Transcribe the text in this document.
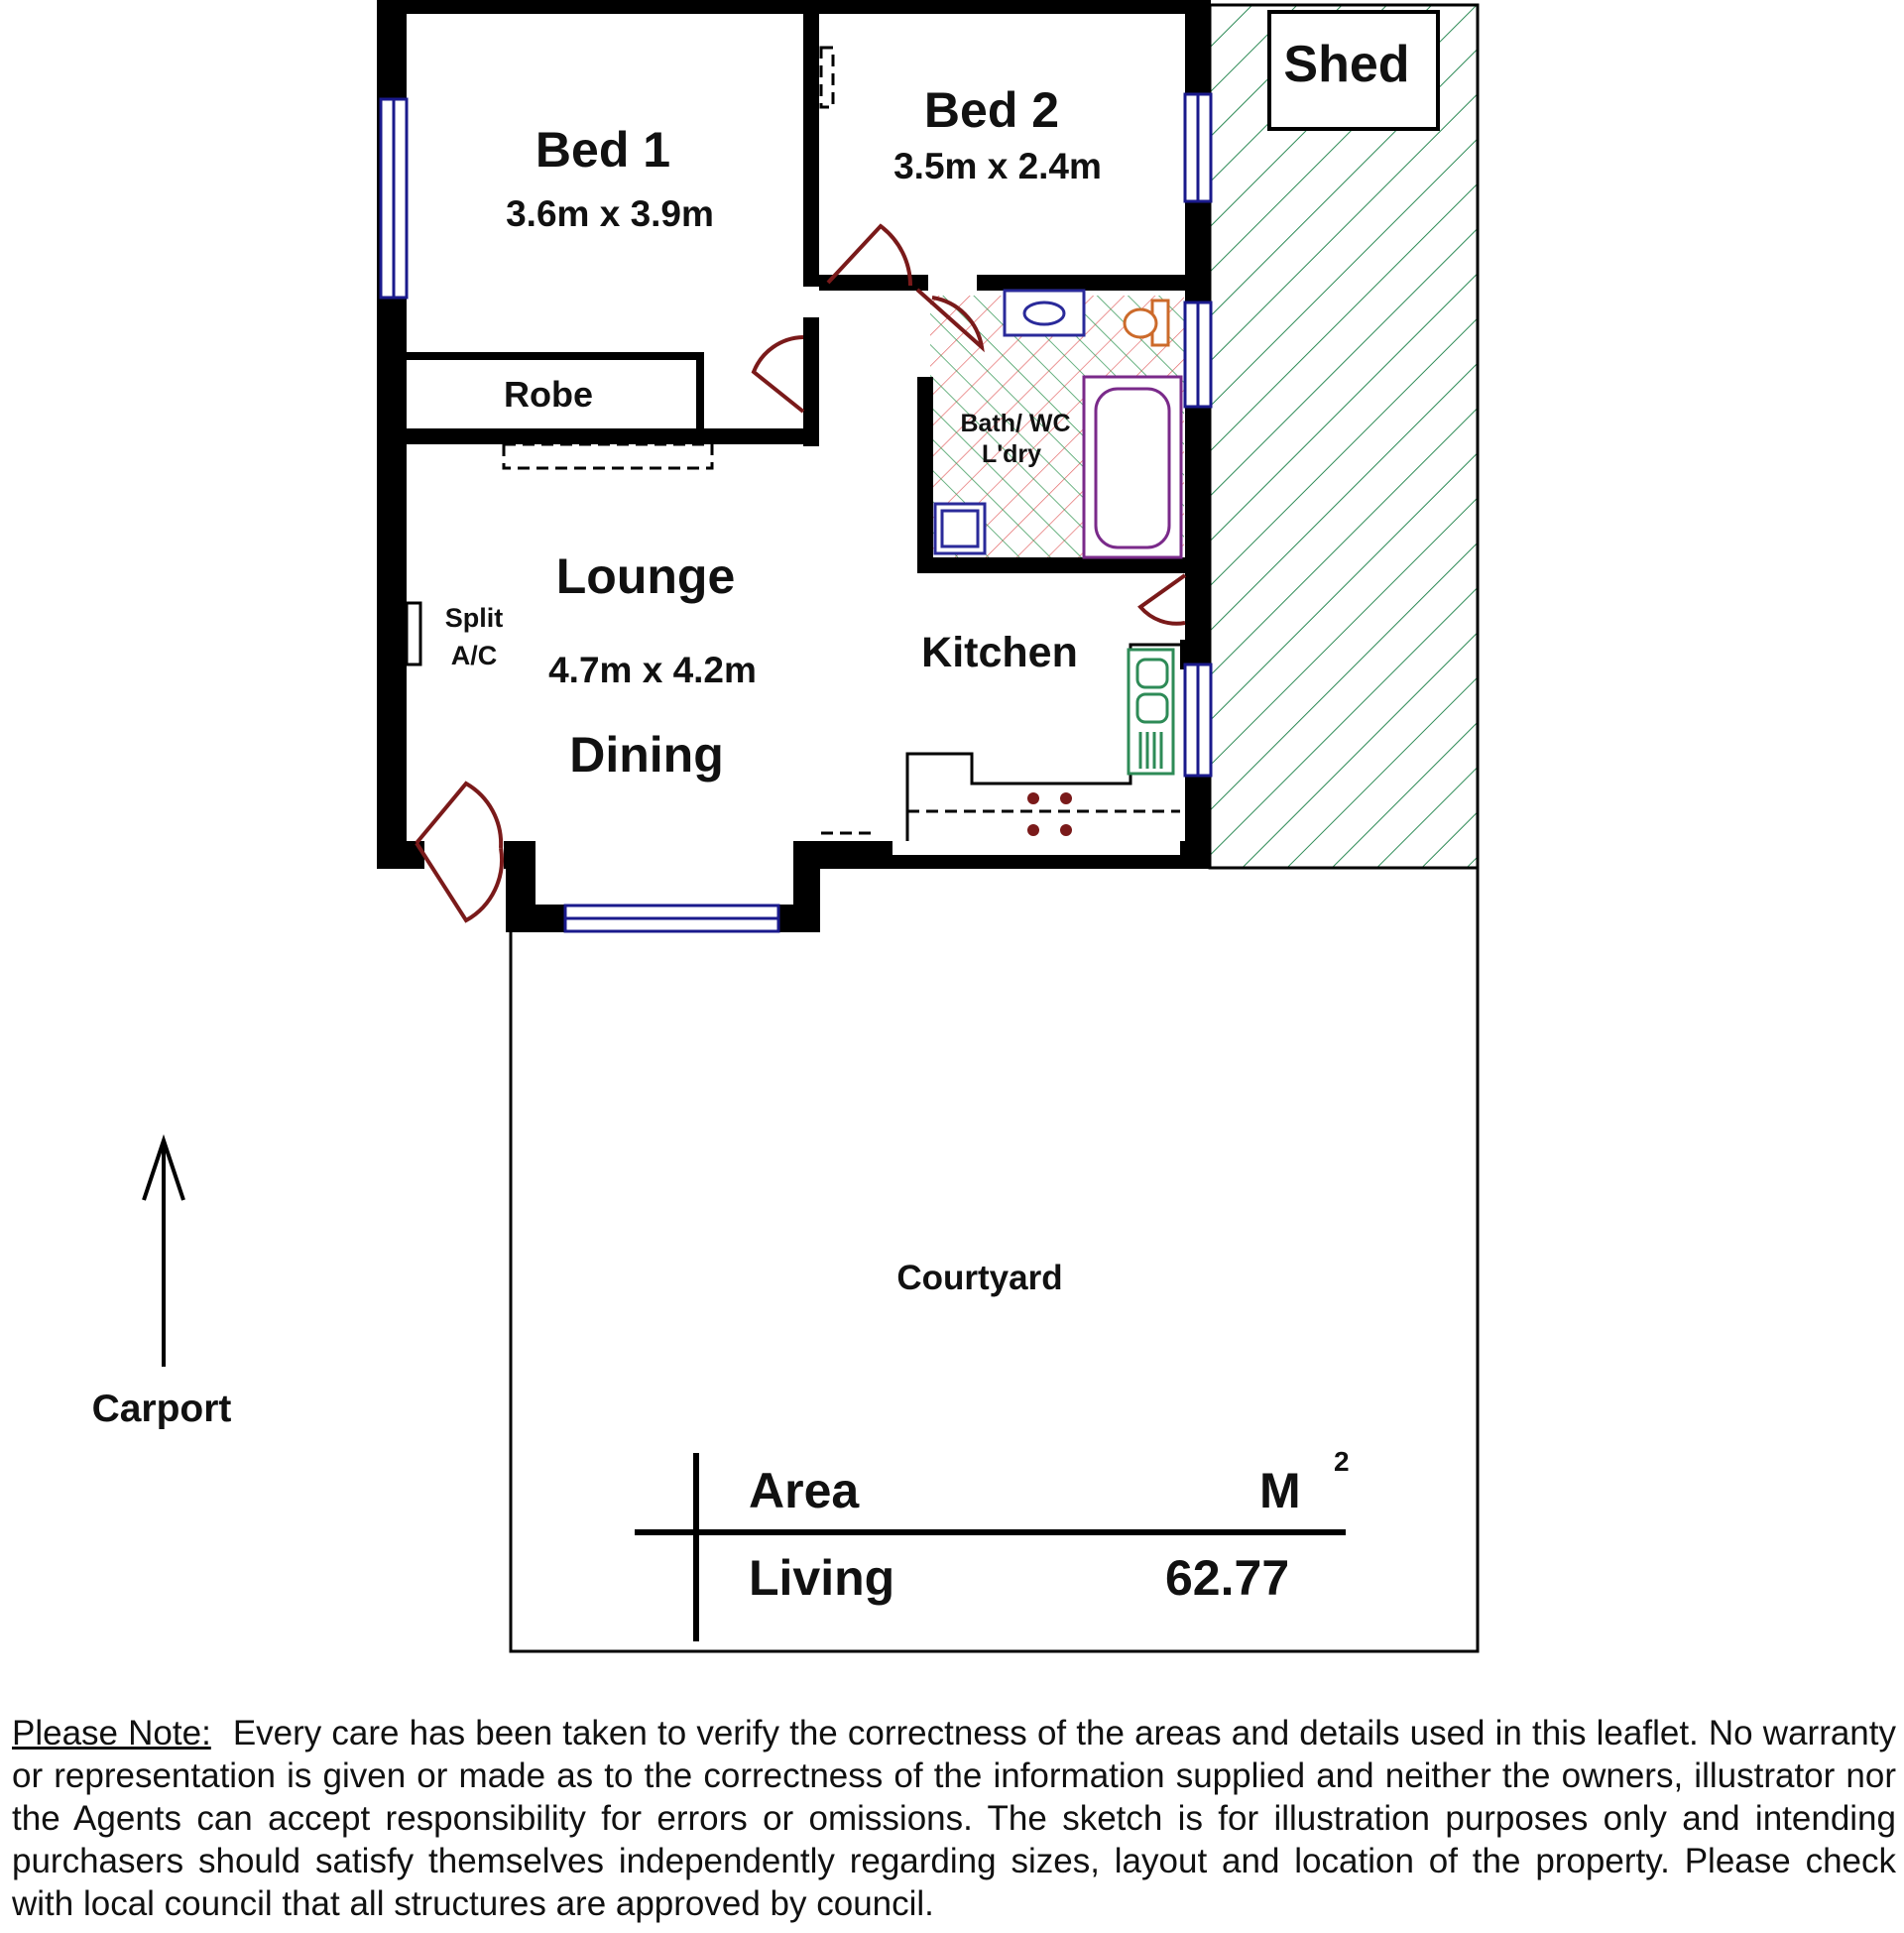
Shed
Bed 1
3.6m x 3.9m
Bed 2
3.5m x 2.4m
Robe
Bath/ WC
L'dry
Lounge
4.7m x 4.2m
Dining
Split
A/C	Kitchen
Courtyard
Carport
Area	M
2
Living	62.77
Please Note: Every care has been taken to verify the correctness of the areas and details used in this leaflet. No warranty or representation is given or made as to the correctness of the information supplied and neither the owners, illustrator nor the Agents can accept responsibility for errors or omissions. The sketch is for illustration purposes only and intending purchasers should satisfy themselves independently regarding sizes, layout and location of the property. Please check with local council that all structures are approved by council.
